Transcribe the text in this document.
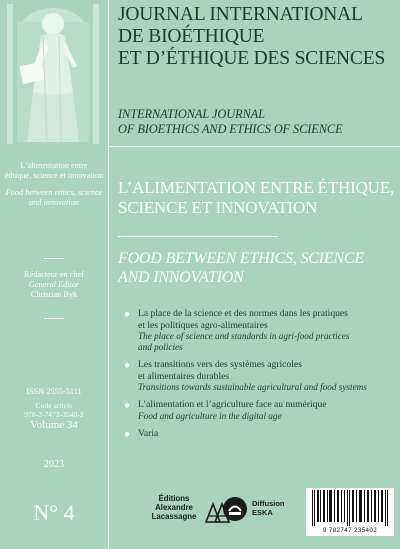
L’alimentation entre
éthique, science et innovation
Food between ethics, science
and innovation
Rédacteur en chef
General Editor
Christian Byk
ISSN 2555-5111
Code article
978-2-7472-3540-2
Volume 34
2023
N° 4
JOURNAL INTERNATIONAL
DE BIOÉTHIQUE
ET D’ÉTHIQUE DES SCIENCES
INTERNATIONAL JOURNAL
OF BIOETHICS AND ETHICS OF SCIENCE
L’ALIMENTATION ENTRE ÉTHIQUE,
SCIENCE ET INNOVATION
FOOD BETWEEN ETHICS, SCIENCE
AND INNOVATION
● La place de la science et des normes dans les pratiques
et les politiques agro-alimentaires
The place of science and standards in agri-food practices
and policies
● Les transitions vers des systèmes agricoles
et alimentaires durables
Transitions towards sustainable agricultural and food systems
● L’alimentation et l’agriculture face au numérique
Food and agriculture in the digital age
● Varia
Éditions
Alexandre
Lacassagne
Diffusion
ESKA
9 782747 235402
